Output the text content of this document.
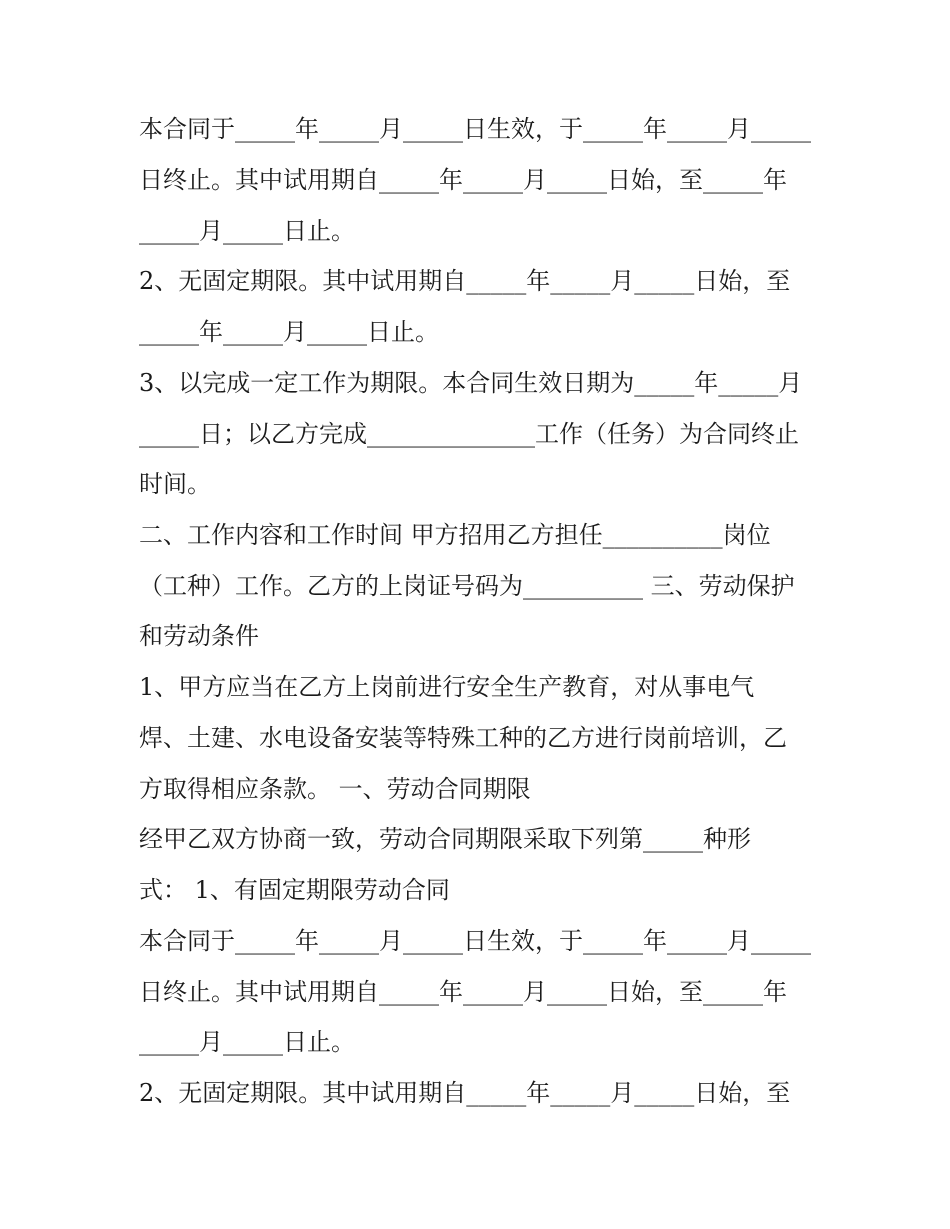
本合同于_____年_____月_____日生效，于_____年_____月_____
日终止。其中试用期自_____年_____月_____日始，至_____年
_____月_____日止。
2、无固定期限。其中试用期自_____年_____月_____日始，至
_____年_____月_____日止。
3、以完成一定工作为期限。本合同生效日期为_____年_____月
_____日；以乙方完成______________工作（任务）为合同终止
时间。
二、工作内容和工作时间 甲方招用乙方担任__________岗位
（工种）工作。乙方的上岗证号码为__________ 三、劳动保护
和劳动条件
1、甲方应当在乙方上岗前进行安全生产教育，对从事电气
焊、土建、水电设备安装等特殊工种的乙方进行岗前培训，乙
方取得相应条款。 一、劳动合同期限
经甲乙双方协商一致，劳动合同期限采取下列第_____种形
式： 1、有固定期限劳动合同
本合同于_____年_____月_____日生效，于_____年_____月_____
日终止。其中试用期自_____年_____月_____日始，至_____年
_____月_____日止。
2、无固定期限。其中试用期自_____年_____月_____日始，至
